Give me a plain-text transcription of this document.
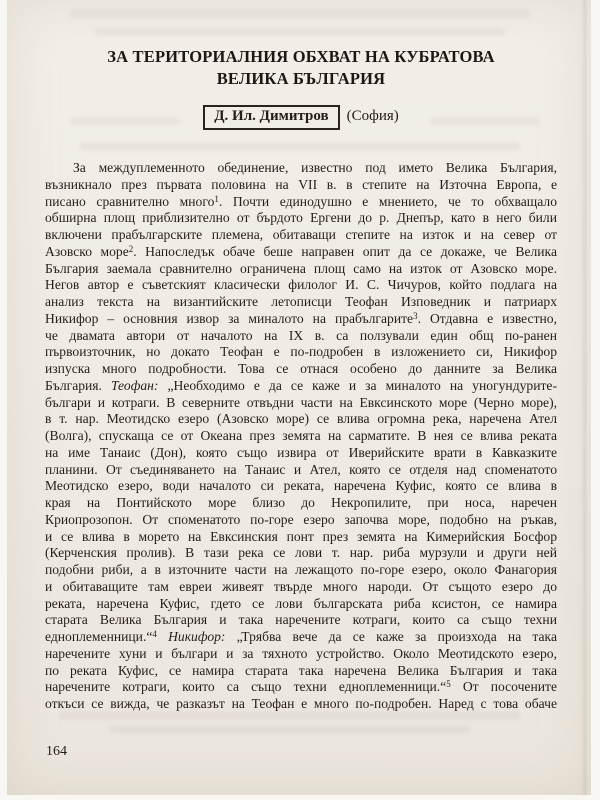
ЗА ТЕРИТОРИАЛНИЯ ОБХВАТ НА КУБРАТОВА
ВЕЛИКА БЪЛГАРИЯ
Д. Ил. Димитров (София)
За междуплеменното обединение, известно под името Велика България,
възникнало през първата половина на VII в. в степите на Източна Европа, е
писано сравнително много$^1$. Почти единодушно е мнението, че то обхващало
обширна площ приблизително от бърдото Ергени до р. Днепър, като в него били
включени прабългарските племена, обитаващи степите на изток и на север от
Азовско море$^2$. Напоследък обаче беше направен опит да се докаже, че Велика
България заемала сравнително ограничена площ само на изток от Азовско море.
Негов автор е съветският класически филолог И. С. Чичуров, който подлага на
анализ текста на византийските летописци Теофан Изповедник и патриарх
Никифор – основния извор за миналото на прабългарите$^3$. Отдавна е известно,
че двамата автори от началото на IX в. са ползували един общ по-ранен
първоизточник, но докато Теофан е по-подробен в изложението си, Никифор
изпуска много подробности. Това се отнася особено до данните за Велика
България. Теофан: „Необходимо е да се каже и за миналото на уногундурите-
българи и котраги. В северните отвъдни части на Евксинското море (Черно море),
в т. нар. Меотидско езеро (Азовско море) се влива огромна река, наречена Ател
(Волга), спускаща се от Океана през земята на сарматите. В нея се влива реката
на име Танаис (Дон), която също извира от Иверийските врати в Кавказките
планини. От съединяването на Танаис и Ател, която се отделя над споменатото
Меотидско езеро, води началото си реката, наречена Куфис, която се влива в
края на Понтийското море близо до Некропилите, при носа, наречен
Криопрозопон. От споменатото по-горе езеро започва море, подобно на ръкав,
и се влива в морето на Евксинския понт през земята на Кимерийския Босфор
(Керченския пролив). В тази река се лови т. нар. риба мурзули и други ней
подобни риби, а в източните части на лежащото по-горе езеро, около Фанагория
и обитаващите там евреи живеят твърде много народи. От същото езеро до
реката, наречена Куфис, гдето се лови българската риба ксистон, се намира
старата Велика България и така наречените котраги, които са също техни
едноплеменници.“$^4$ Никифор: „Трябва вече да се каже за произхода на така
наречените хуни и българи и за тяхното устройство. Около Меотидското езеро,
по реката Куфис, се намира старата така наречена Велика България и така
наречените котраги, които са също техни едноплеменници.“$^5$ От посочените
откъси се вижда, че разказът на Теофан е много по-подробен. Наред с това обаче
164
